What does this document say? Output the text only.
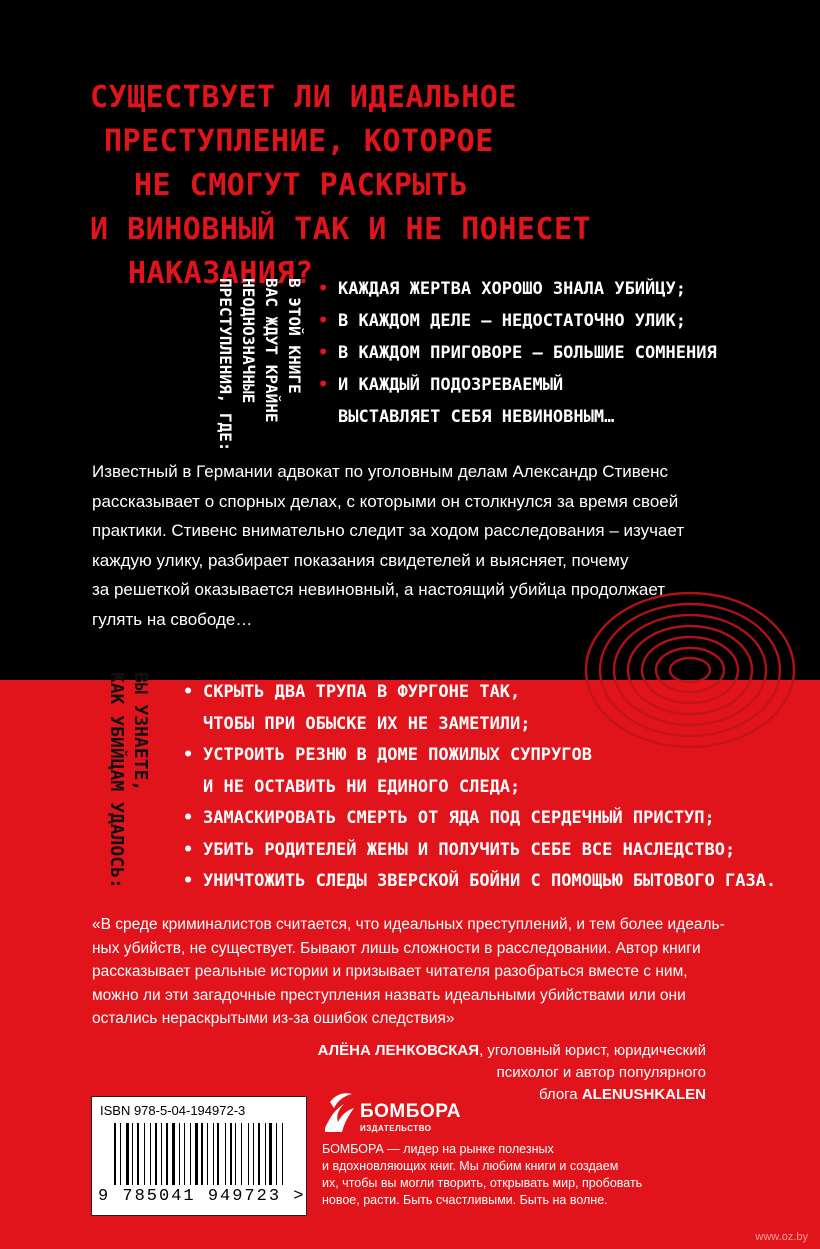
СУЩЕСТВУЕТ ЛИ ИДЕАЛЬНОЕ
ПРЕСТУПЛЕНИЕ, КОТОРОЕ
НЕ СМОГУТ РАСКРЫТЬ
И ВИНОВНЫЙ ТАК И НЕ ПОНЕСЕТ
НАКАЗАНИЯ?
В ЭТОЙ КНИГЕ
ВАС ЖДУТ КРАЙНЕ
НЕОДНОЗНАЧНЫЕ
ПРЕСТУПЛЕНИЯ, ГДЕ:	• КАЖДАЯ ЖЕРТВА ХОРОШО ЗНАЛА УБИЙЦУ;
• В КАЖДОМ ДЕЛЕ — НЕДОСТАТОЧНО УЛИК;
• В КАЖДОМ ПРИГОВОРЕ — БОЛЬШИЕ СОМНЕНИЯ
• И КАЖДЫЙ ПОДОЗРЕВАЕМЫЙ
ВЫСТАВЛЯЕТ СЕБЯ НЕВИНОВНЫМ…
Известный в Германии адвокат по уголовным делам Александр Стивенс
рассказывает о спорных делах, с которыми он столкнулся за время своей
практики. Стивенс внимательно следит за ходом расследования – изучает
каждую улику, разбирает показания свидетелей и выясняет, почему
за решеткой оказывается невиновный, а настоящий убийца продолжает
гулять на свободе…
ВЫ УЗНАЕТЕ,
КАК УБИЙЦАМ УДАЛОСЬ:	• СКРЫТЬ ДВА ТРУПА В ФУРГОНЕ ТАК,
ЧТОБЫ ПРИ ОБЫСКЕ ИХ НЕ ЗАМЕТИЛИ;
• УСТРОИТЬ РЕЗНЮ В ДОМЕ ПОЖИЛЫХ СУПРУГОВ
И НЕ ОСТАВИТЬ НИ ЕДИНОГО СЛЕДА;
• ЗАМАСКИРОВАТЬ СМЕРТЬ ОТ ЯДА ПОД СЕРДЕЧНЫЙ ПРИСТУП;
• УБИТЬ РОДИТЕЛЕЙ ЖЕНЫ И ПОЛУЧИТЬ СЕБЕ ВСЕ НАСЛЕДСТВО;
• УНИЧТОЖИТЬ СЛЕДЫ ЗВЕРСКОЙ БОЙНИ С ПОМОЩЬЮ БЫТОВОГО ГАЗА.
«В среде криминалистов считается, что идеальных преступлений, и тем более идеаль-
ных убийств, не существует. Бывают лишь сложности в расследовании. Автор книги
рассказывает реальные истории и призывает читателя разобраться вместе с ним,
можно ли эти загадочные преступления назвать идеальными убийствами или они
остались нераскрытыми из-за ошибок следствия»
АЛЁНА ЛЕНКОВСКАЯ, уголовный юрист, юридический
психолог и автор популярного
блога ALENUSHKALEN
ISBN 978-5-04-194972-3
9 785041 949723 >
БОМБОРА
ИЗДАТЕЛЬСТВО
БОМБОРА — лидер на рынке полезных
и вдохновляющих книг. Мы любим книги и создаем
их, чтобы вы могли творить, открывать мир, пробовать
новое, расти. Быть счастливыми. Быть на волне.
www.oz.by
